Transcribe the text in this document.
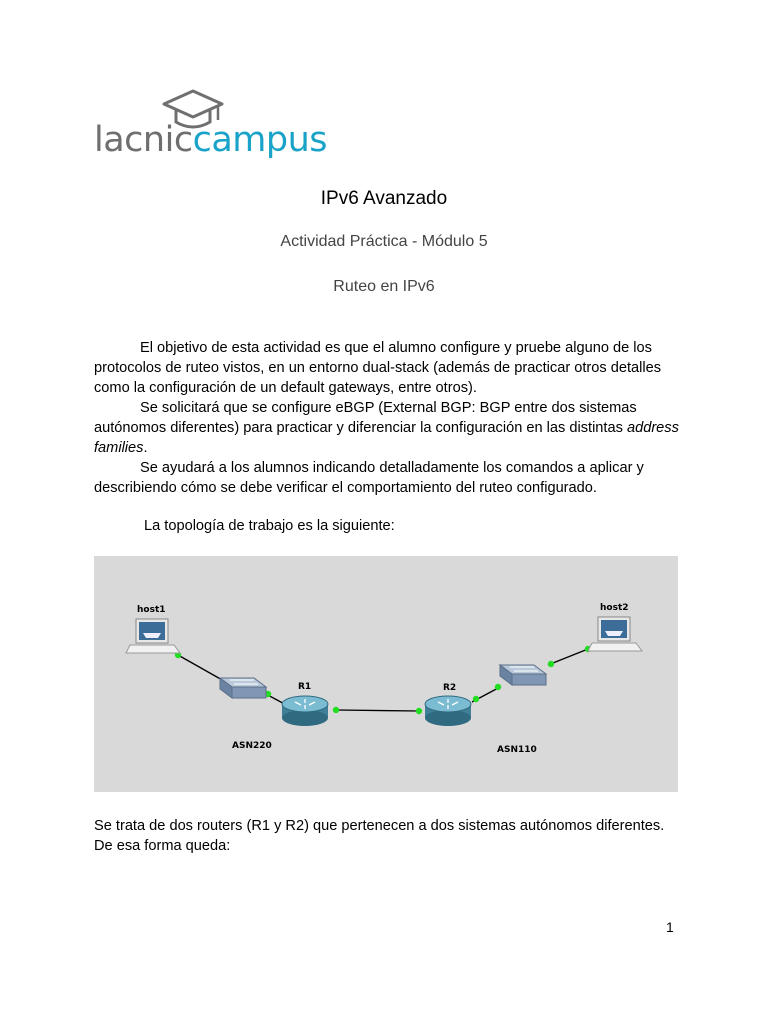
lacniccampus
IPv6 Avanzado
Actividad Práctica - Módulo 5
Ruteo en IPv6
El objetivo de esta actividad es que el alumno configure y pruebe alguno de los protocolos de ruteo vistos, en un entorno dual-stack (además de practicar otros detalles como la configuración de un default gateways, entre otros).
Se solicitará que se configure eBGP (External BGP: BGP entre dos sistemas autónomos diferentes) para practicar y diferenciar la configuración en las distintas address families.
Se ayudará a los alumnos indicando detalladamente los comandos a aplicar y describiendo cómo se debe verificar el comportamiento del ruteo configurado.
La topología de trabajo es la siguiente:
host1	host2
R1
ASN220
R2
ASN110
Se trata de dos routers (R1 y R2) que pertenecen a dos sistemas autónomos diferentes. De esa forma queda:
1
